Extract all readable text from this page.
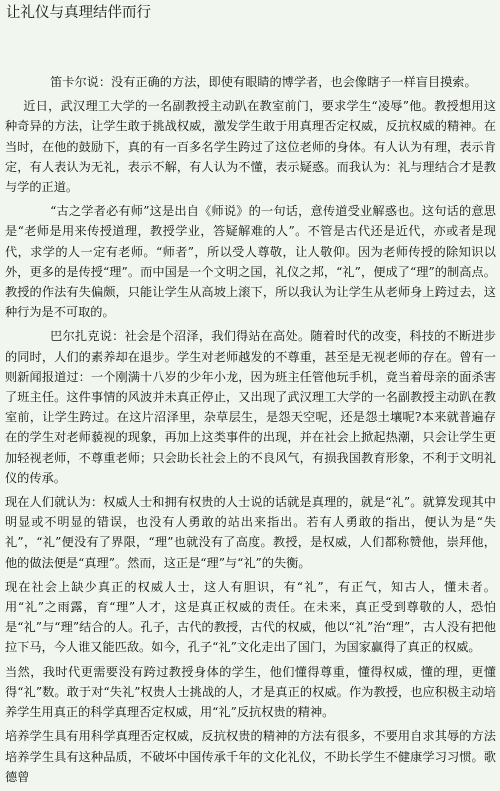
让礼仪与真理结伴而行

笛卡尔说：没有正确的方法，即使有眼睛的博学者，也会像瞎子一样盲目摸索。

近日，武汉理工大学的一名副教授主动趴在教室前门，要求学生“凌辱”他。教授想用这种奇异的方法，让学生敢于挑战权威，激发学生敢于用真理否定权威，反抗权威的精神。在当时，在他的鼓励下，真的有一百多名学生跨过了这位老师的身体。有人认为有理，表示肯定，有人表认为无礼，表示不解，有人认为不懂，表示疑惑。而我认为：礼与理结合才是教与学的正道。

“古之学者必有师”这是出自《师说》的一句话，意传道受业解惑也。这句话的意思是“老师是用来传授道理，教授学业，答疑解难的人”。不管是古代还是近代，亦或者是现代，求学的人一定有老师。“师者”，所以受人尊敬，让人敬仰。因为老师传授的除知识以外，更多的是传授“理”。而中国是一个文明之国，礼仪之邦，“礼”，便成了“理”的制高点。教授的作法有失偏颇，只能让学生从高坡上滚下，所以我认为让学生从老师身上跨过去，这种行为是不可取的。

巴尔扎克说：社会是个沼泽，我们得站在高处。随着时代的改变，科技的不断进步的同时，人们的素养却在退步。学生对老师越发的不尊重，甚至是无视老师的存在。曾有一则新闻报道过：一个刚满十八岁的少年小龙，因为班主任管他玩手机，竟当着母亲的面杀害了班主任。这件事情的风波并未真正停止，又出现了武汉理工大学的一名副教授主动趴在教室前，让学生跨过。在这片沼泽里，杂草层生，是怨天空呢，还是怨土壤呢?本来就普遍存在的学生对老师藐视的现象，再加上这类事件的出现，并在社会上掀起热潮，只会让学生更加轻视老师，不尊重老师；只会助长社会上的不良风气，有损我国教育形象，不利于文明礼仪的传承。

现在人们就认为：权威人士和拥有权贵的人士说的话就是真理的，就是“礼”。就算发现其中明显或不明显的错误，也没有人勇敢的站出来指出。若有人勇敢的指出，便认为是“失礼”，“礼”便没有了界限，“理”也就没有了高度。教授，是权威，人们都称赞他，崇拜他，他的做法便是“真理”。然而，这正是“理”与“礼”的失衡。

现在社会上缺少真正的权威人士，这人有胆识，有“礼”，有正气，知古人，懂未者。用“礼”之雨露，育“理”人才，这是真正权威的责任。在未来，真正受到尊敬的人，恐怕是“礼”与“理”结合的人。孔子，古代的教授，古代的权威，他以“礼”治“理”，古人没有把他拉下马，今人谁又能匹敌。如今，孔子“礼”文化走出了国门，为国家赢得了真正的权威。

当然，我时代更需要没有跨过教授身体的学生，他们懂得尊重，懂得权威，懂的理，更懂得“礼”数。敢于对“失礼”权贵人士挑战的人，才是真正的权威。作为教授，也应积极主动培养学生用真正的科学真理否定权威，用“礼”反抗权贵的精神。

培养学生具有用科学真理否定权威，反抗权贵的精神的方法有很多，不要用自求其辱的方法培养学生具有这种品质，不破坏中国传承千年的文化礼仪，不助长学生不健康学习习惯。歌德曾
